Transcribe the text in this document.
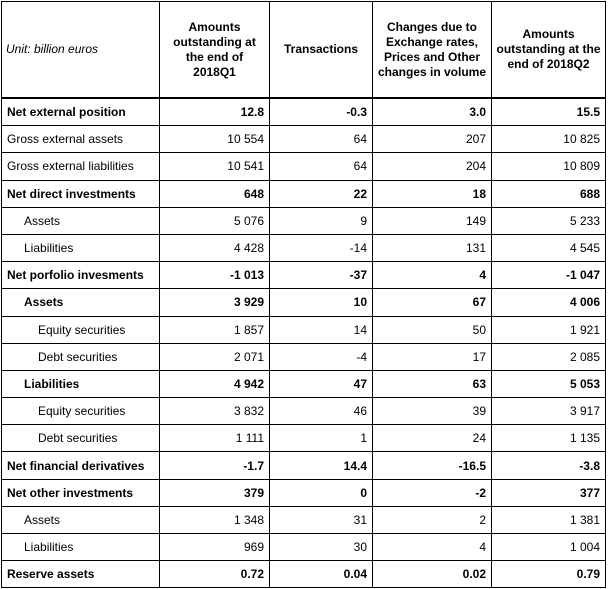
Unit: billion euros	Amounts outstanding at the end of 2018Q1	Transactions	Changes due to Exchange rates, Prices and Other changes in volume	Amounts outstanding at the end of 2018Q2
Net external position	12.8	-0.3	3.0	15.5
Gross external assets	10 554	64	207	10 825
Gross external liabilities	10 541	64	204	10 809
Net direct investments	648	22	18	688
Assets	5 076	9	149	5 233
Liabilities	4 428	-14	131	4 545
Net porfolio invesments	-1 013	-37	4	-1 047
Assets	3 929	10	67	4 006
Equity securities	1 857	14	50	1 921
Debt securities	2 071	-4	17	2 085
Liabilities	4 942	47	63	5 053
Equity securities	3 832	46	39	3 917
Debt securities	1 111	1	24	1 135
Net financial derivatives	-1.7	14.4	-16.5	-3.8
Net other investments	379	0	-2	377
Assets	1 348	31	2	1 381
Liabilities	969	30	4	1 004
Reserve assets	0.72	0.04	0.02	0.79
